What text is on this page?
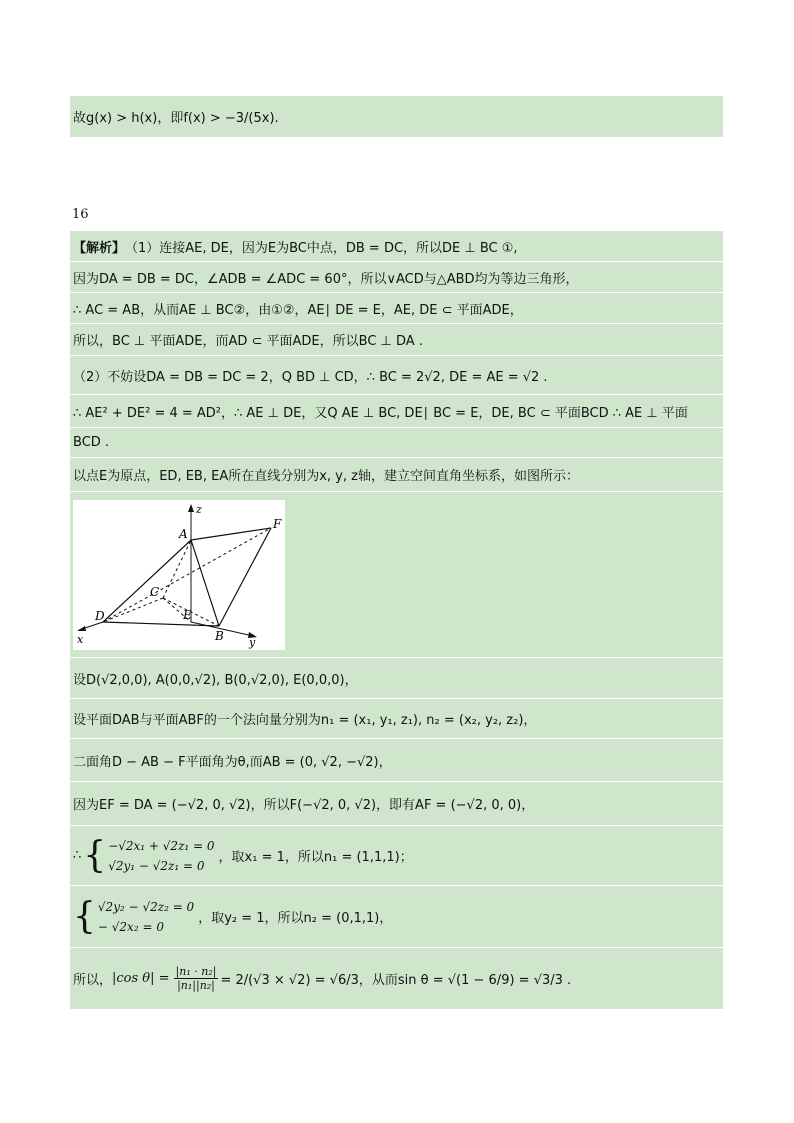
故g(x) > h(x)，即f(x) > −3/(5x).
16
【解析】 （1）连接AE, DE，因为E为BC中点，DB = DC，所以DE ⊥ BC ①,
因为DA = DB = DC，∠ADB = ∠ADC = 60°，所以∨ACD与△ABD均为等边三角形，
∴ AC = AB，从而AE ⊥ BC②，由①②，AE∣ DE = E，AE, DE ⊂ 平面ADE，
所以，BC ⊥ 平面ADE，而AD ⊂ 平面ADE，所以BC ⊥ DA .
（2）不妨设DA = DB = DC = 2，Q BD ⊥ CD，∴ BC = 2√2, DE = AE = √2 .
∴ AE² + DE² = 4 = AD²，∴ AE ⊥ DE，又Q AE ⊥ BC, DE∣ BC = E，DE, BC ⊂ 平面BCD ∴ AE ⊥ 平面
BCD .
以点E为原点，ED, EB, EA所在直线分别为x, y, z轴，建立空间直角坐标系，如图所示：
z
A
F
C
D	E
B
x	y
设D(√2,0,0), A(0,0,√2), B(0,√2,0), E(0,0,0)，
设平面DAB与平面ABF的一个法向量分别为n₁ = (x₁, y₁, z₁), n₂ = (x₂, y₂, z₂)，
二面角D − AB − F平面角为θ,而AB = (0, √2, −√2)，
因为EF = DA = (−√2, 0, √2)，所以F(−√2, 0, √2)，即有AF = (−√2, 0, 0)，
∴ { −√2x₁ + √2z₁ = 0
√2y₁ − √2z₁ = 0
，取x₁ = 1，所以n₁ = (1,1,1)；
{ √2y₂ − √2z₂ = 0
− √2x₂ = 0
，取y₂ = 1，所以n₂ = (0,1,1)，
所以， |cos $\theta| = \frac{\text{|n₁ · n₂|}}{\text{|n₁||n₂|}} = 2/(√3 \times √2) = √6/3$，从而sin θ = √(1 − 6/9) = √3/3 .
